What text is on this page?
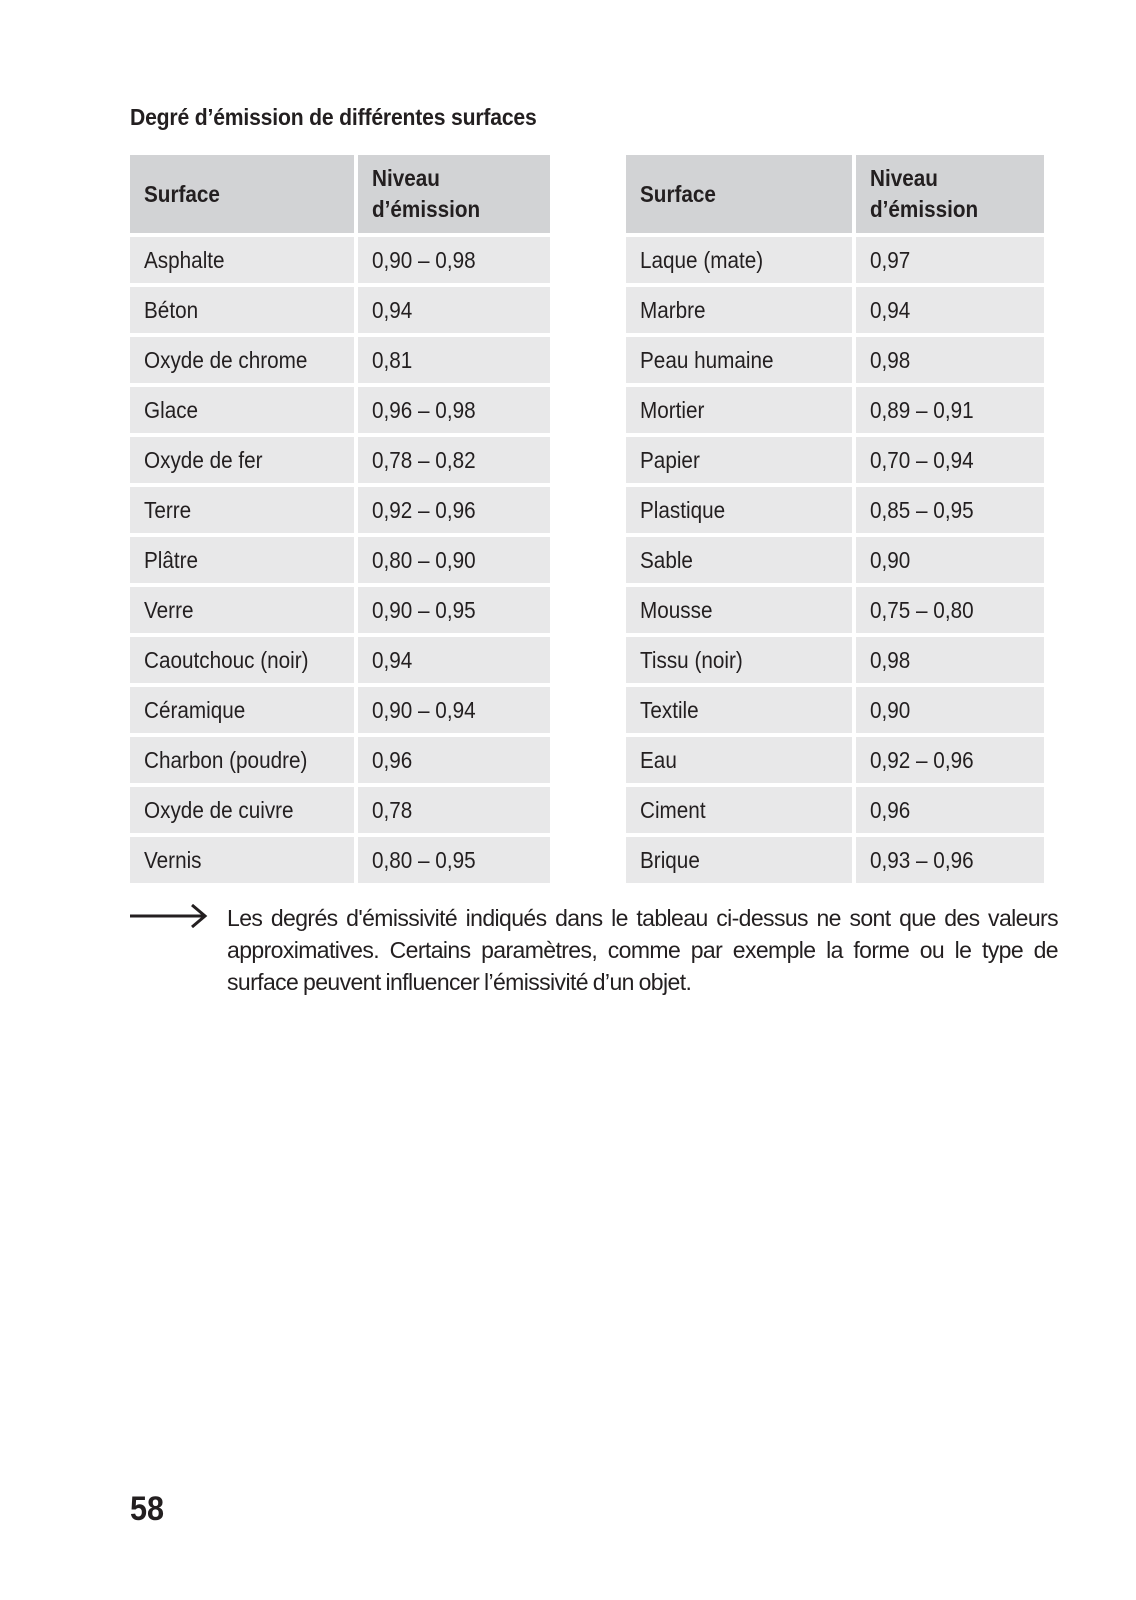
Degré d’émission de différentes surfaces
Surface	Niveau d’émission
Asphalte	0,90 – 0,98
Béton	0,94
Oxyde de chrome	0,81
Glace	0,96 – 0,98
Oxyde de fer	0,78 – 0,82
Terre	0,92 – 0,96
Plâtre	0,80 – 0,90
Verre	0,90 – 0,95
Caoutchouc (noir)	0,94
Céramique	0,90 – 0,94
Charbon (poudre)	0,96
Oxyde de cuivre	0,78
Vernis	0,80 – 0,95
Surface	Niveau d’émission
Laque (mate)	0,97
Marbre	0,94
Peau humaine	0,98
Mortier	0,89 – 0,91
Papier	0,70 – 0,94
Plastique	0,85 – 0,95
Sable	0,90
Mousse	0,75 – 0,80
Tissu (noir)	0,98
Textile	0,90
Eau	0,92 – 0,96
Ciment	0,96
Brique	0,93 – 0,96
Les degrés d'émissivité indiqués dans le tableau ci-dessus ne sont que des valeurs approximatives. Certains paramètres, comme par exemple la forme ou le type de surface peuvent influencer l’émissivité d’un objet.
58
